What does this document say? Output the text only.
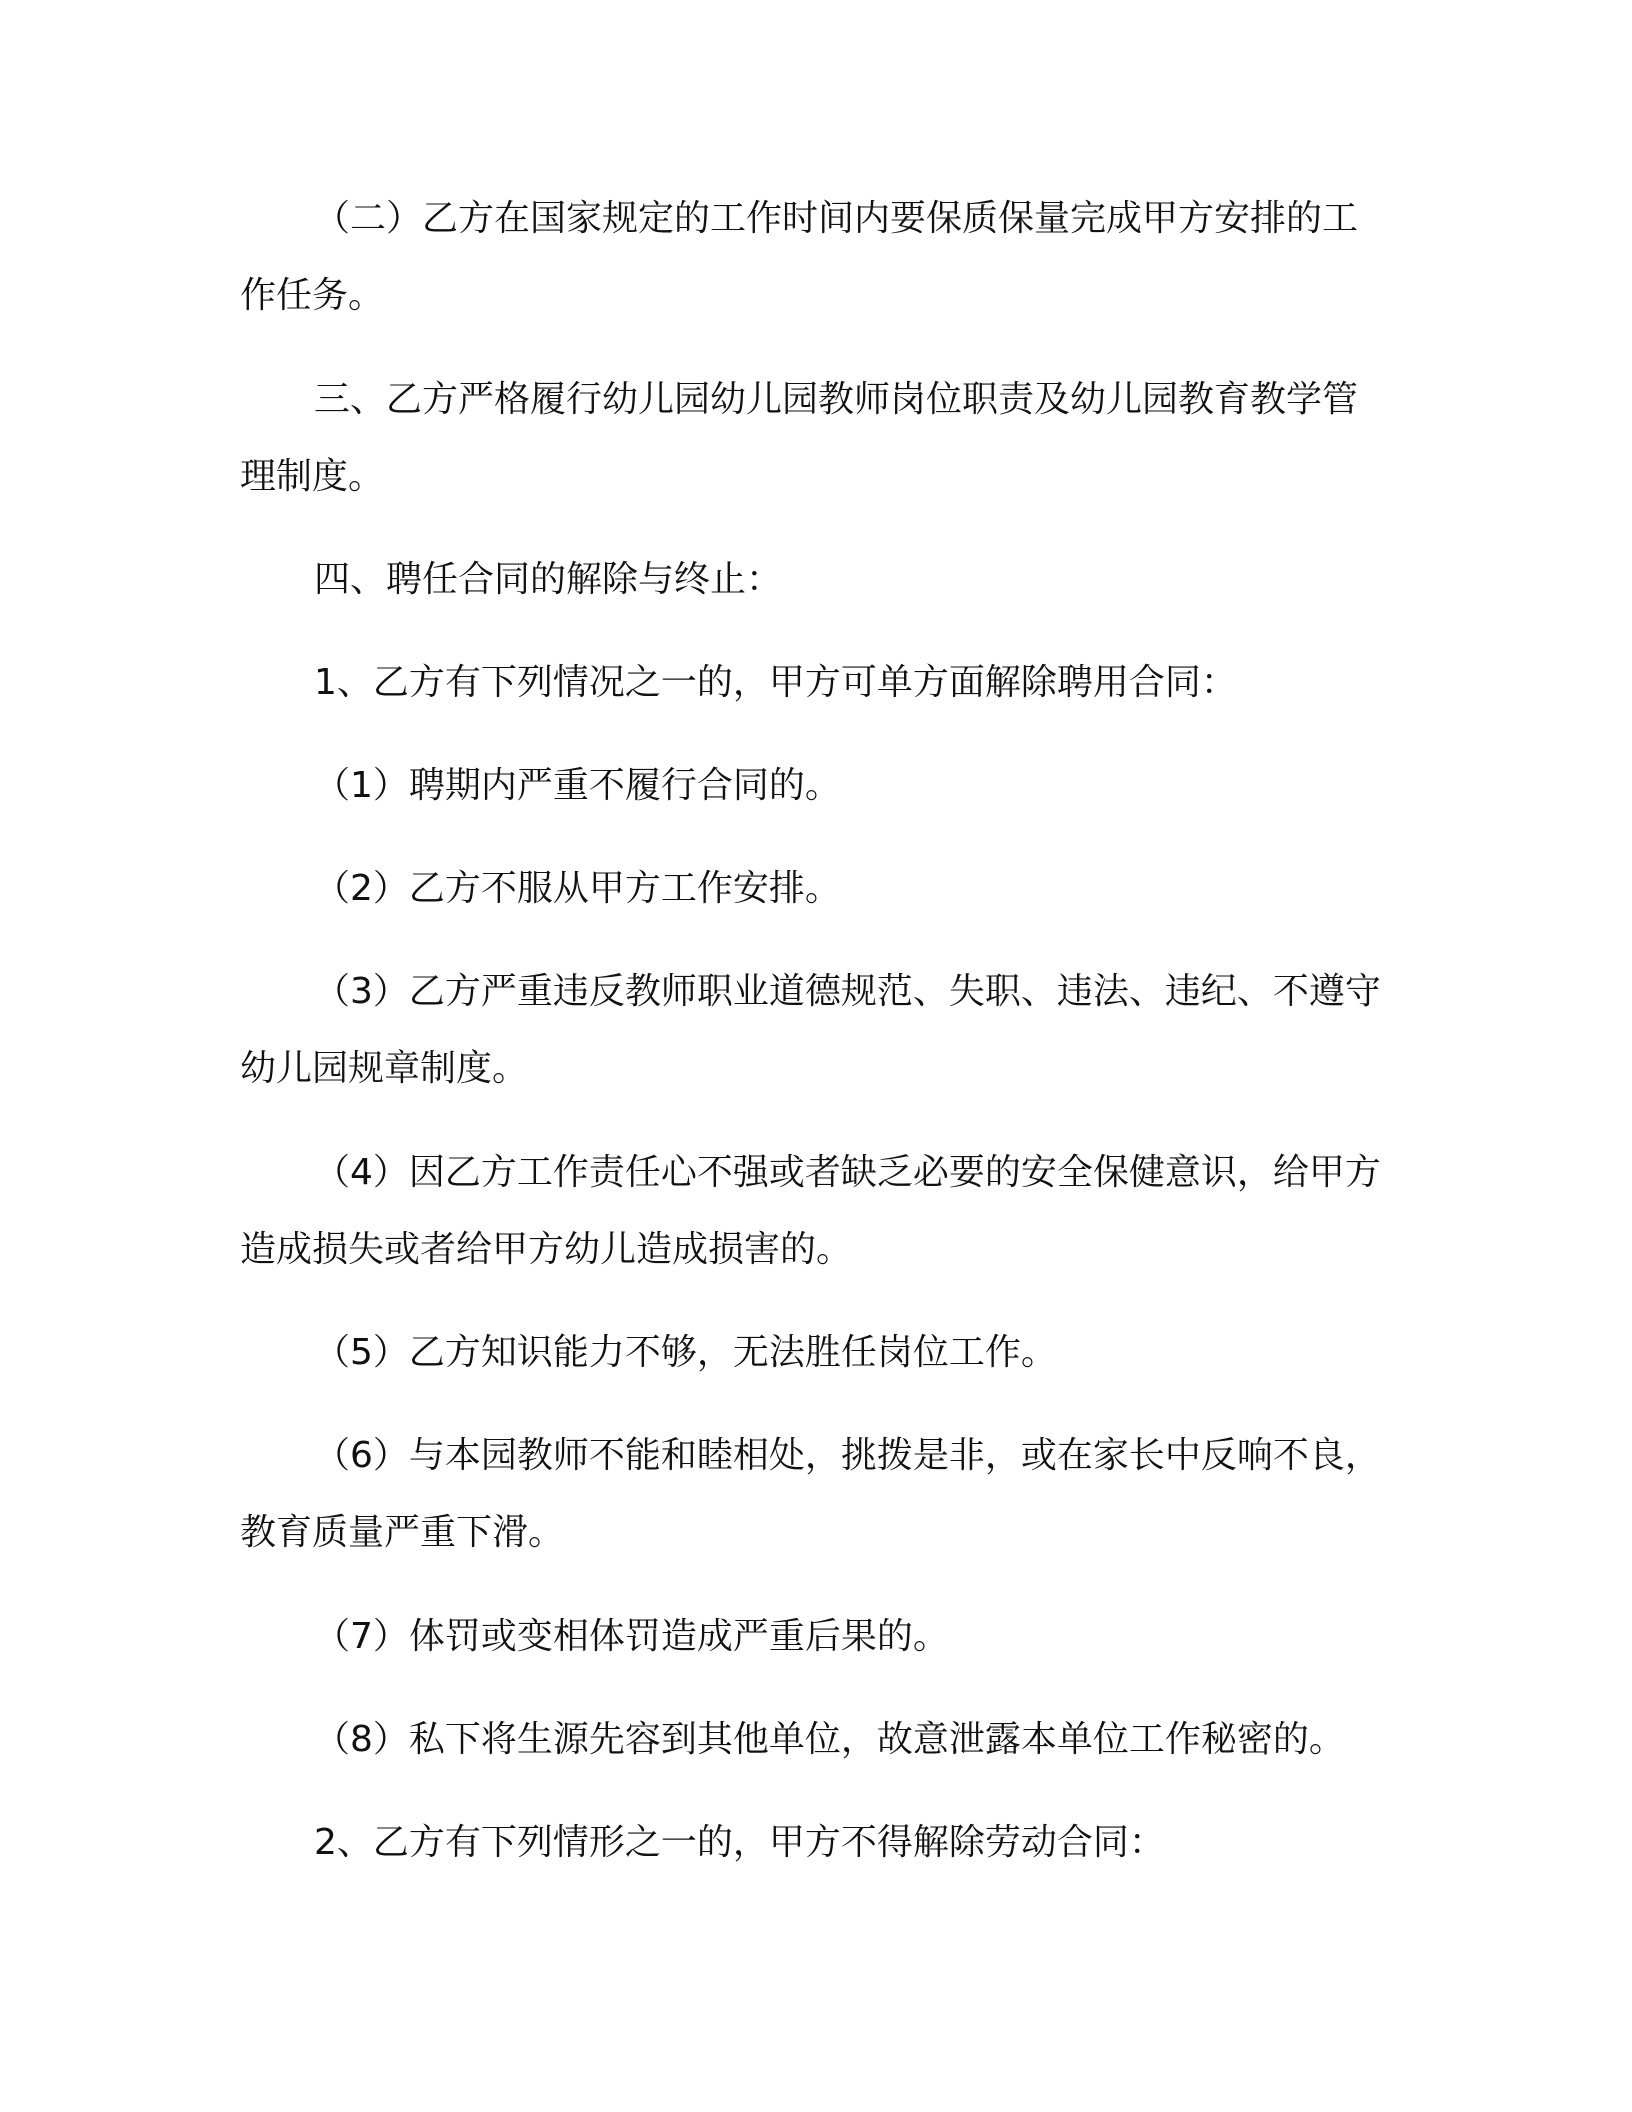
（二）乙方在国家规定的工作时间内要保质保量完成甲方安排的工作任务。

三、乙方严格履行幼儿园幼儿园教师岗位职责及幼儿园教育教学管理制度。

四、聘任合同的解除与终止：

1、乙方有下列情况之一的，甲方可单方面解除聘用合同：

（1）聘期内严重不履行合同的。

（2）乙方不服从甲方工作安排。

（3）乙方严重违反教师职业道德规范、失职、违法、违纪、不遵守幼儿园规章制度。

（4）因乙方工作责任心不强或者缺乏必要的安全保健意识，给甲方造成损失或者给甲方幼儿造成损害的。

（5）乙方知识能力不够，无法胜任岗位工作。

（6）与本园教师不能和睦相处，挑拨是非，或在家长中反响不良，教育质量严重下滑。

（7）体罚或变相体罚造成严重后果的。

（8）私下将生源先容到其他单位，故意泄露本单位工作秘密的。

2、乙方有下列情形之一的，甲方不得解除劳动合同：
